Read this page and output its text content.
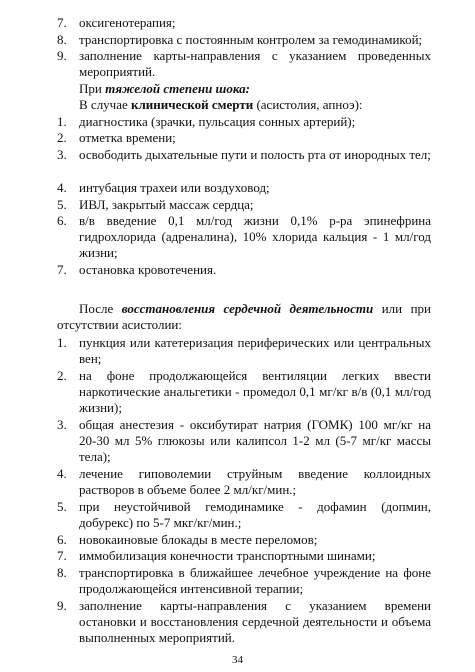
7. оксигенотерапия;
8. транспортировка с постоянным контролем за гемодинамикой;
9. заполнение карты-направления с указанием проведенных мероприятий.
При тяжелой степени шока:
В случае клинической смерти (асистолия, апноэ):
1. диагностика (зрачки, пульсация сонных артерий);
2. отметка времени;
3. освободить дыхательные пути и полость рта от инородных тел;
4. интубация трахеи или воздуховод;
5. ИВЛ, закрытый массаж сердца;
6. в/в введение 0,1 мл/год жизни 0,1% р-ра эпинефрина гидрохлорида (адреналина), 10% хлорида кальция - 1 мл/год жизни;
7. остановка кровотечения.
После восстановления сердечной деятельности или при отсутствии асистолии:
1. пункция или катетеризация периферических или центральных вен;
2. на фоне продолжающейся вентиляции легких ввести наркотические анальгетики - промедол 0,1 мг/кг в/в (0,1 мл/год жизни);
3. общая анестезия - оксибутират натрия (ГОМК) 100 мг/кг на 20-30 мл 5% глюкозы или калипсол 1-2 мл (5-7 мг/кг массы тела);
4. лечение гиповолемии струйным введение коллоидных растворов в объеме более 2 мл/кг/мин.;
5. при неустойчивой гемодинамике - дофамин (допмин, добурекс) по 5-7 мкг/кг/мин.;
6. новокаиновые блокады в месте переломов;
7. иммобилизация конечности транспортными шинами;
8. транспортировка в ближайшее лечебное учреждение на фоне продолжающейся интенсивной терапии;
9. заполнение карты-направления с указанием времени остановки и восстановления сердечной деятельности и объема выполненных мероприятий.
34
